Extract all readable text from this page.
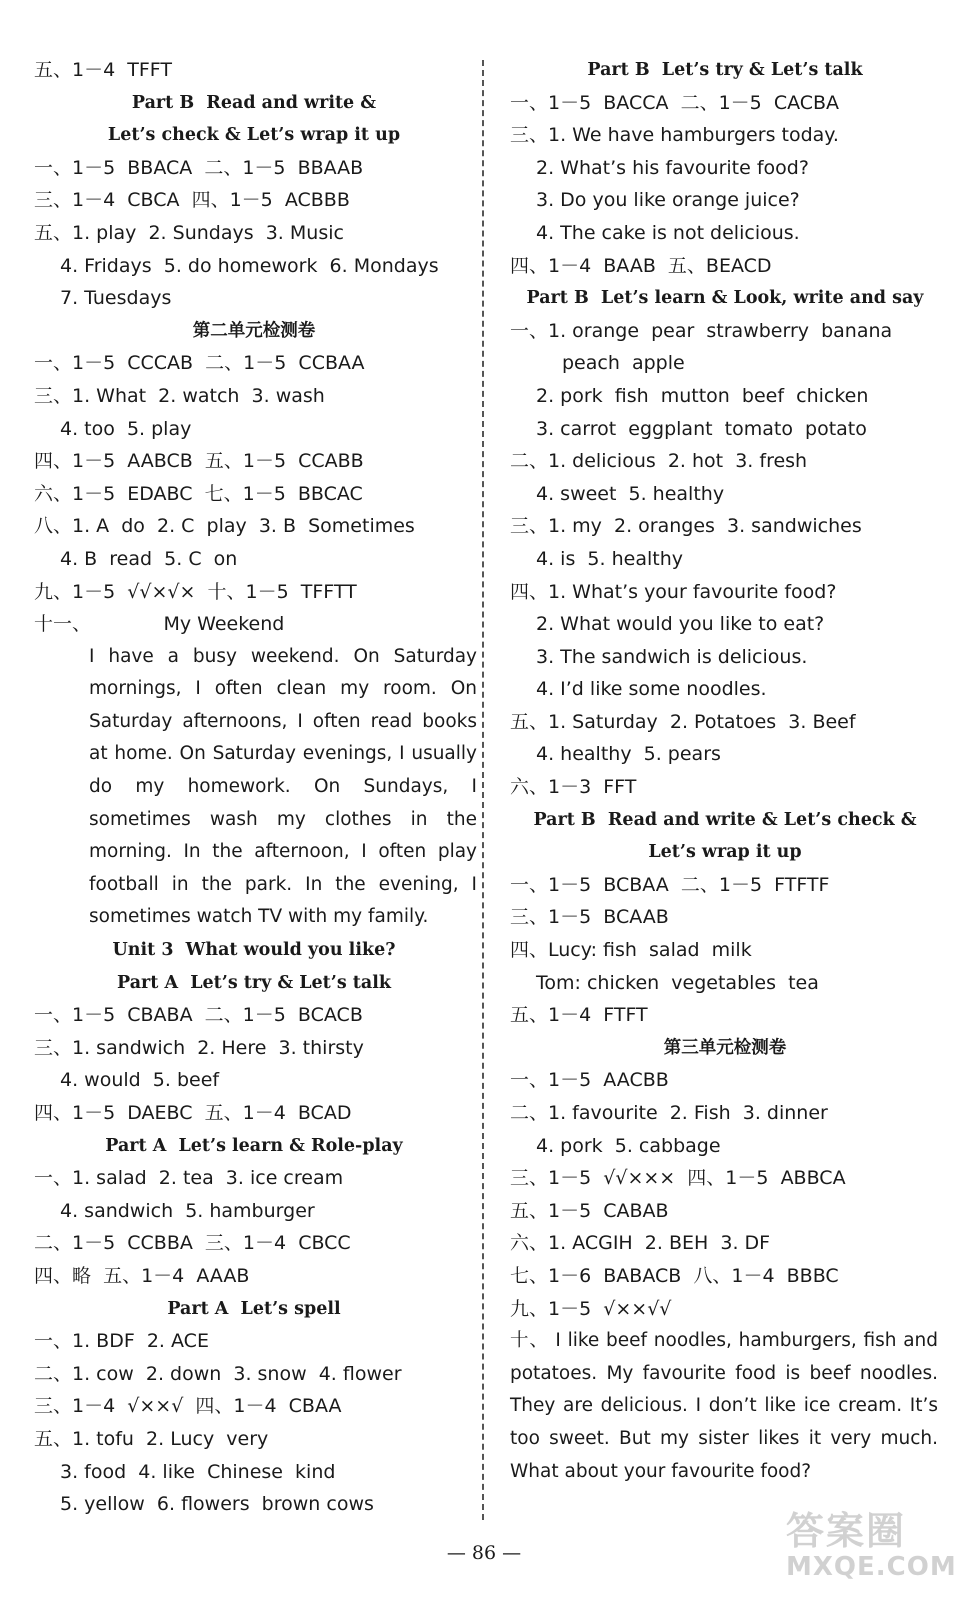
五、1－4  TFFT
Part B  Read and write &
Let’s check & Let’s wrap it up
一、1－5  BBACA  二、1－5  BBAAB
三、1－4  CBCA  四、1－5  ACBBB
五、1. play  2. Sundays  3. Music
4. Fridays  5. do homework  6. Mondays
7. Tuesdays
第二单元检测卷
一、1－5  CCCAB  二、1－5  CCBAA
三、1. What  2. watch  3. wash
4. too  5. play
四、1－5  AABCB  五、1－5  CCABB
六、1－5  EDABC  七、1－5  BBCAC
八、1. A  do  2. C  play  3. B  Sometimes
4. B  read  5. C  on
九、1－5  √√×√×  十、1－5  TFFTT
十一、            My Weekend
I have a busy weekend. On Saturday mornings, I often clean my room. On Saturday afternoons, I often read books at home. On Saturday evenings, I usually do my homework. On Sundays, I sometimes wash my clothes in the morning. In the afternoon, I often play football in the park. In the evening, I sometimes watch TV with my family.
Unit 3  What would you like?
Part A  Let’s try & Let’s talk
一、1－5  CBABA  二、1－5  BCACB
三、1. sandwich  2. Here  3. thirsty
4. would  5. beef
四、1－5  DAEBC  五、1－4  BCAD
Part A  Let’s learn & Role-play
一、1. salad  2. tea  3. ice cream
4. sandwich  5. hamburger
二、1－5  CCBBA  三、1－4  CBCC
四、略  五、1－4  AAAB
Part A  Let’s spell
一、1. BDF  2. ACE
二、1. cow  2. down  3. snow  4. flower
三、1－4  √××√  四、1－4  CBAA
五、1. tofu  2. Lucy  very
3. food  4. like  Chinese  kind
5. yellow  6. flowers  brown cows
Part B  Let’s try & Let’s talk
一、1－5  BACCA  二、1－5  CACBA
三、1. We have hamburgers today.
2. What’s his favourite food?
3. Do you like orange juice?
4. The cake is not delicious.
四、1－4  BAAB  五、BEACD
Part B  Let’s learn & Look, write and say
一、1. orange  pear  strawberry  banana
peach  apple
2. pork  fish  mutton  beef  chicken
3. carrot  eggplant  tomato  potato
二、1. delicious  2. hot  3. fresh
4. sweet  5. healthy
三、1. my  2. oranges  3. sandwiches
4. is  5. healthy
四、1. What’s your favourite food?
2. What would you like to eat?
3. The sandwich is delicious.
4. I’d like some noodles.
五、1. Saturday  2. Potatoes  3. Beef
4. healthy  5. pears
六、1－3  FFT
Part B  Read and write & Let’s check &
Let’s wrap it up
一、1－5  BCBAA  二、1－5  FTFTF
三、1－5  BCAAB
四、Lucy: fish  salad  milk
Tom: chicken  vegetables  tea
五、1－4  FTFT
第三单元检测卷
一、1－5  AACBB
二、1. favourite  2. Fish  3. dinner
4. pork  5. cabbage
三、1－5  √√×××  四、1－5  ABBCA
五、1－5  CABAB
六、1. ACGIH  2. BEH  3. DF
七、1－6  BABACB  八、1－4  BBBC
九、1－5  √××√√
十、 I like beef noodles, hamburgers, fish and potatoes. My favourite food is beef noodles. They are delicious. I don’t like ice cream. It’s too sweet. But my sister likes it very much. What about your favourite food?
— 86 —	答案圈
MXQE.COM
